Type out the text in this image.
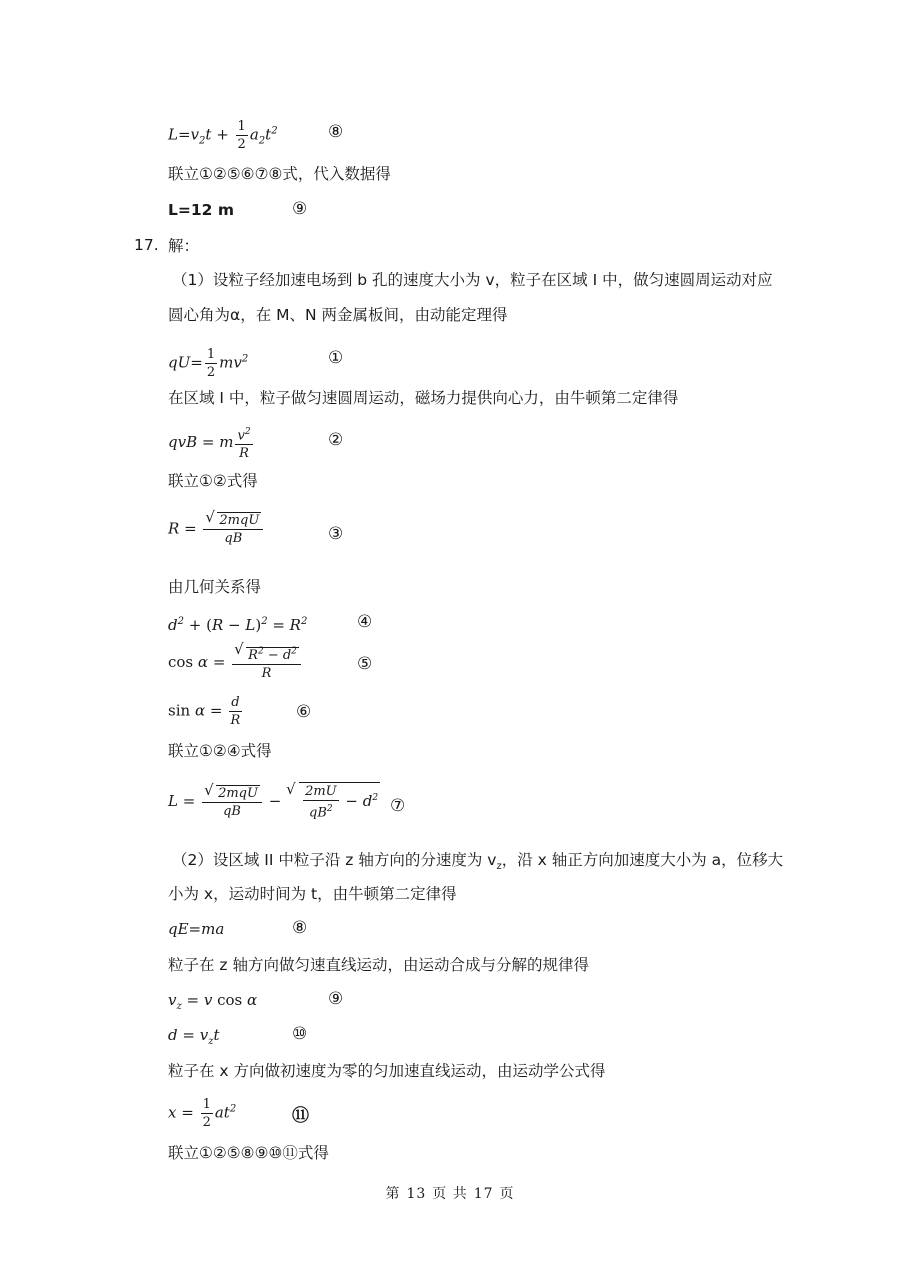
$L=v_2t + \frac{1}{2} a_2t^2$	⑧
联立①②⑤⑥⑦⑧式，代入数据得
L=12 m	⑨
17. 解：
（1）设粒子经加速电场到 b 孔的速度大小为 v，粒子在区域 I 中，做匀速圆周运动对应
圆心角为α，在 M、N 两金属板间，由动能定理得
$qU= \frac{1}{2} mv^2$	①
在区域 I 中，粒子做匀速圆周运动，磁场力提供向心力，由牛顿第二定律得
qvB = m $\frac{v^2}{R}$	②
联立①②式得
R = √ $\frac{\text{2mqU}}{qB}$	③
由几何关系得
$d^2 + (R - L)^2 = R^2$	④
cos α = √ $\frac{R^2 - d^2}{R}$	⑤
$\sin \alpha = \frac{d}{R}$	⑥
联立①②④式得
L = √ $\frac{\text{2mqU}}{qB}$ − √ $\frac{2mU}{qB^2} - d^2$ ⑦
（2）设区域 II 中粒子沿 z 轴方向的分速度为 $v_z$，沿 x 轴正方向加速度大小为 a，位移大
小为 x，运动时间为 t，由牛顿第二定律得
qE=ma	⑧
粒子在 z 轴方向做匀速直线运动，由运动合成与分解的规律得
$v_z = v$ cos α	⑨
$d = v_zt$	⑩
粒子在 x 方向做初速度为零的匀加速直线运动，由运动学公式得
$x = \frac{1}{2} at^2$	⑪
联立①②⑤⑧⑨⑩⑪式得
第 13 页 共 17 页
